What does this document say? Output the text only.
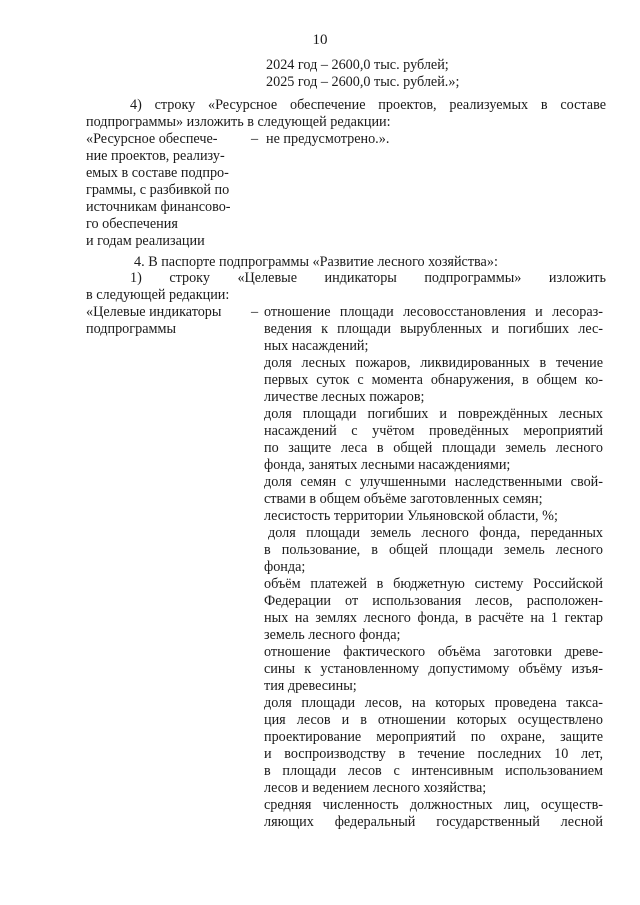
10
2024 год – 2600,0 тыс. рублей;
2025 год – 2600,0 тыс. рублей.»;
4) строку «Ресурсное обеспечение проектов, реализуемых в составе
подпрограммы» изложить в следующей редакции:
«Ресурсное обеспече-
ние проектов, реализу-
емых в составе подпро-
граммы, с разбивкой по
источникам финансово-
го обеспечения
и годам реализации
– не предусмотрено.».
4. В паспорте подпрограммы «Развитие лесного хозяйства»:
1) строку «Целевые индикаторы подпрограммы» изложить
в следующей редакции:
«Целевые индикаторы
подпрограммы
– отношение площади лесовосстановления и лесораз-
ведения к площади вырубленных и погибших лес-
ных насаждений;
доля лесных пожаров, ликвидированных в течение
первых суток с момента обнаружения, в общем ко-
личестве лесных пожаров;
доля площади погибших и повреждённых лесных
насаждений с учётом проведённых мероприятий
по защите леса в общей площади земель лесного
фонда, занятых лесными насаждениями;
доля семян с улучшенными наследственными свой-
ствами в общем объёме заготовленных семян;
лесистость территории Ульяновской области, %;
доля площади земель лесного фонда, переданных
в пользование, в общей площади земель лесного
фонда;
объём платежей в бюджетную систему Российской
Федерации от использования лесов, расположен-
ных на землях лесного фонда, в расчёте на 1 гектар
земель лесного фонда;
отношение фактического объёма заготовки древе-
сины к установленному допустимому объёму изъя-
тия древесины;
доля площади лесов, на которых проведена такса-
ция лесов и в отношении которых осуществлено
проектирование мероприятий по охране, защите
и воспроизводству в течение последних 10 лет,
в площади лесов с интенсивным использованием
лесов и ведением лесного хозяйства;
средняя численность должностных лиц, осуществ-
ляющих федеральный государственный лесной
